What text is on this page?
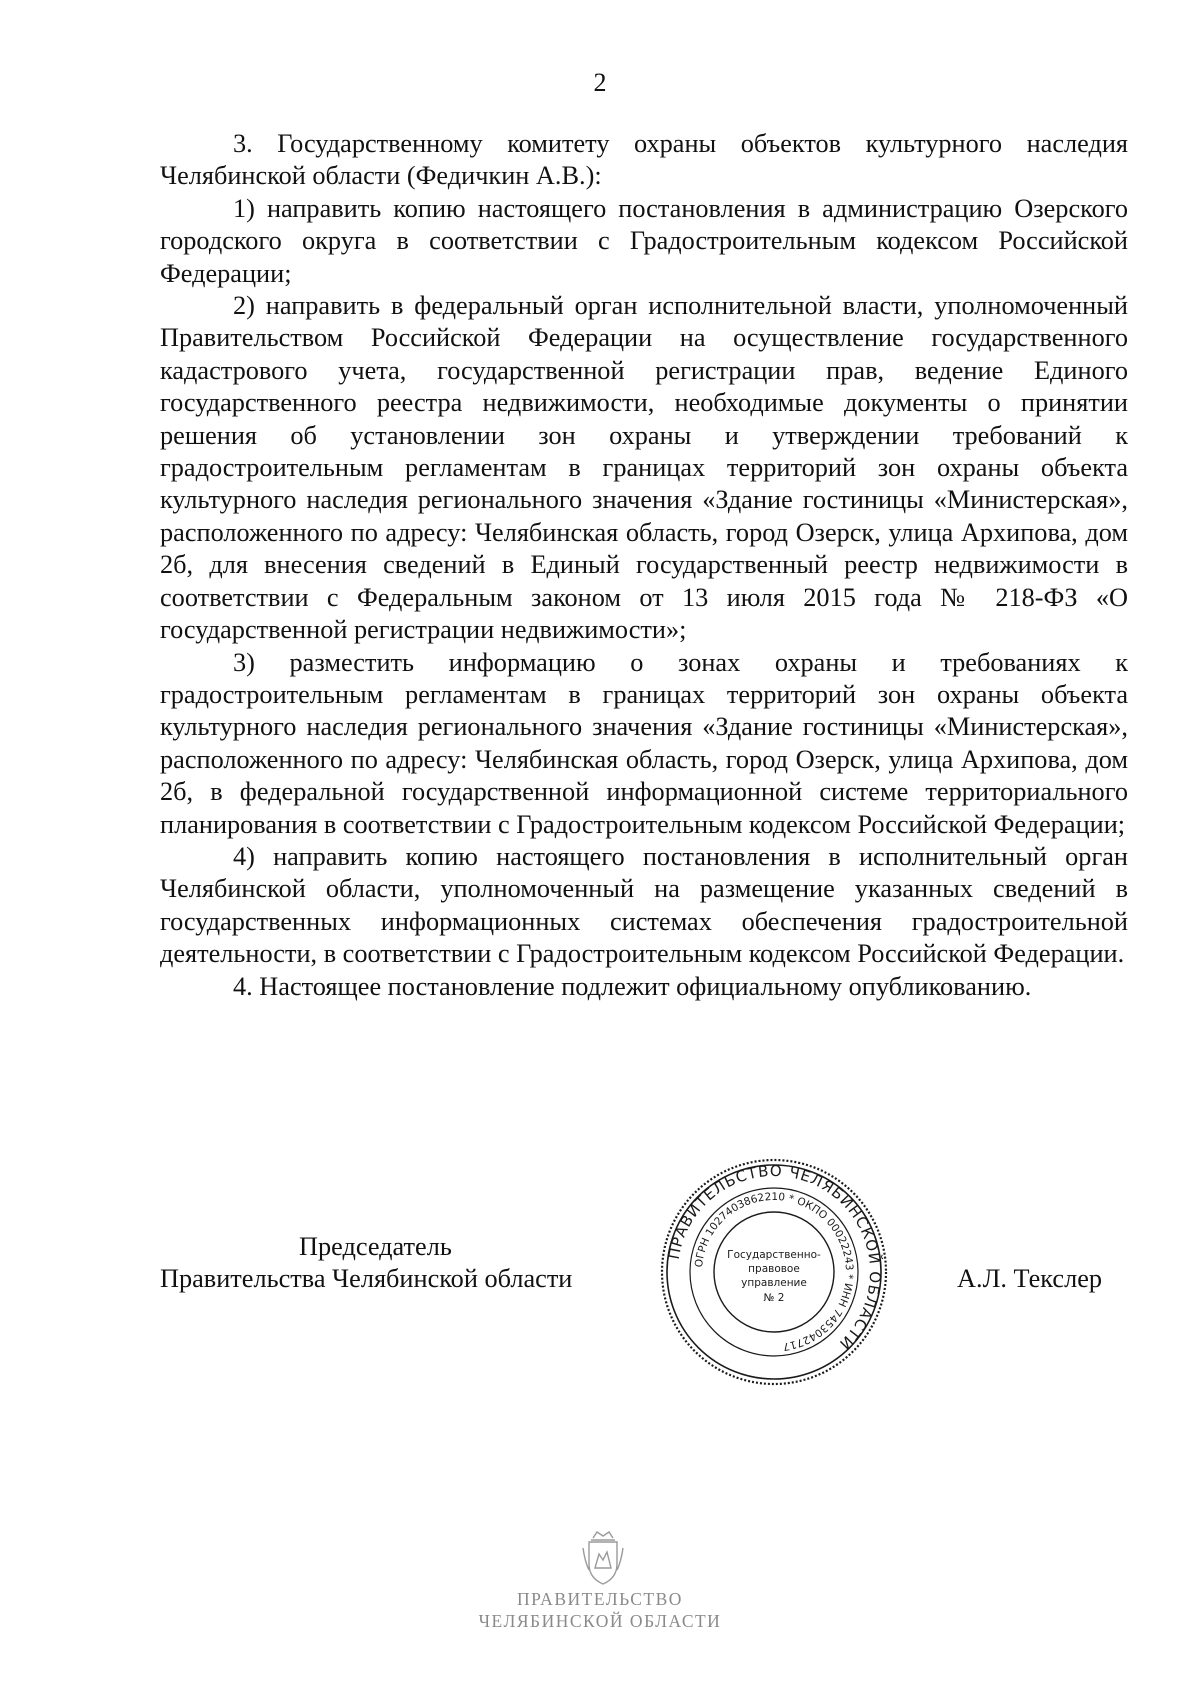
2

3. Государственному комитету охраны объектов культурного наследия Челябинской области (Федичкин А.В.):

1) направить копию настоящего постановления в администрацию Озерского городского округа в соответствии с Градостроительным кодексом Российской Федерации;

2) направить в федеральный орган исполнительной власти, уполномоченный Правительством Российской Федерации на осуществление государственного кадастрового учета, государственной регистрации прав, ведение Единого государственного реестра недвижимости, необходимые документы о принятии решения об установлении зон охраны и утверждении требований к градостроительным регламентам в границах территорий зон охраны объекта культурного наследия регионального значения «Здание гостиницы «Министерская», расположенного по адресу: Челябинская область, город Озерск, улица Архипова, дом 2б, для внесения сведений в Единый государственный реестр недвижимости в соответствии с Федеральным законом от 13 июля 2015 года № 218-ФЗ «О государственной регистрации недвижимости»;

3) разместить информацию о зонах охраны и требованиях к градостроительным регламентам в границах территорий зон охраны объекта культурного наследия регионального значения «Здание гостиницы «Министерская», расположенного по адресу: Челябинская область, город Озерск, улица Архипова, дом 2б, в федеральной государственной информационной системе территориального планирования в соответствии с Градостроительным кодексом Российской Федерации;

4) направить копию настоящего постановления в исполнительный орган Челябинской области, уполномоченный на размещение указанных сведений в государственных информационных системах обеспечения градостроительной деятельности, в соответствии с Градостроительным кодексом Российской Федерации.

4. Настоящее постановление подлежит официальному опубликованию.

Председатель
Правительства Челябинской области	А.Л. Текслер
ПРАВИТЕЛЬСТВО ЧЕЛЯБИНСКОЙ ОБЛАСТИ
ОГРН 1027403862210 * ОКПО 00022243 * ИНН 7453042717
Государственно-
правовое
управление
№ 2
ПРАВИТЕЛЬСТВО
ЧЕЛЯБИНСКОЙ ОБЛАСТИ
